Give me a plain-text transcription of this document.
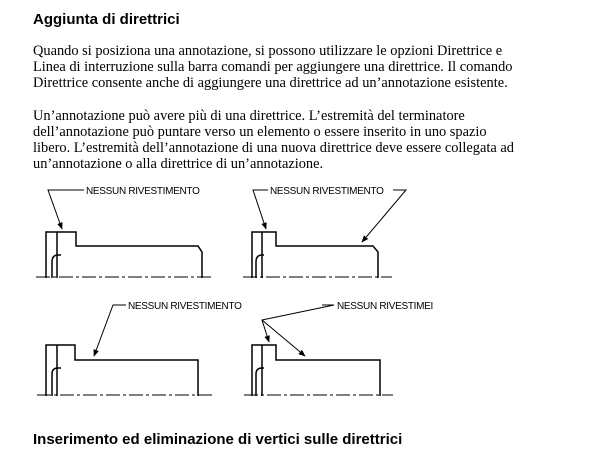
Aggiunta di direttrici

Quando si posiziona una annotazione, si possono utilizzare le opzioni Direttrice e
Linea di interruzione sulla barra comandi per aggiungere una direttrice. Il comando
Direttrice consente anche di aggiungere una direttrice ad un’annotazione esistente.

Un’annotazione può avere più di una direttrice. L’estremità del terminatore
dell’annotazione può puntare verso un elemento o essere inserito in uno spazio
libero. L’estremità dell’annotazione di una nuova direttrice deve essere collegata ad
un’annotazione o alla direttrice di un’annotazione.

NESSUN RIVESTIMENTO	NESSUN RIVESTIMENTO
NESSUN RIVESTIMENTO	NESSUN RIVESTIMEI
Inserimento ed eliminazione di vertici sulle direttrici
